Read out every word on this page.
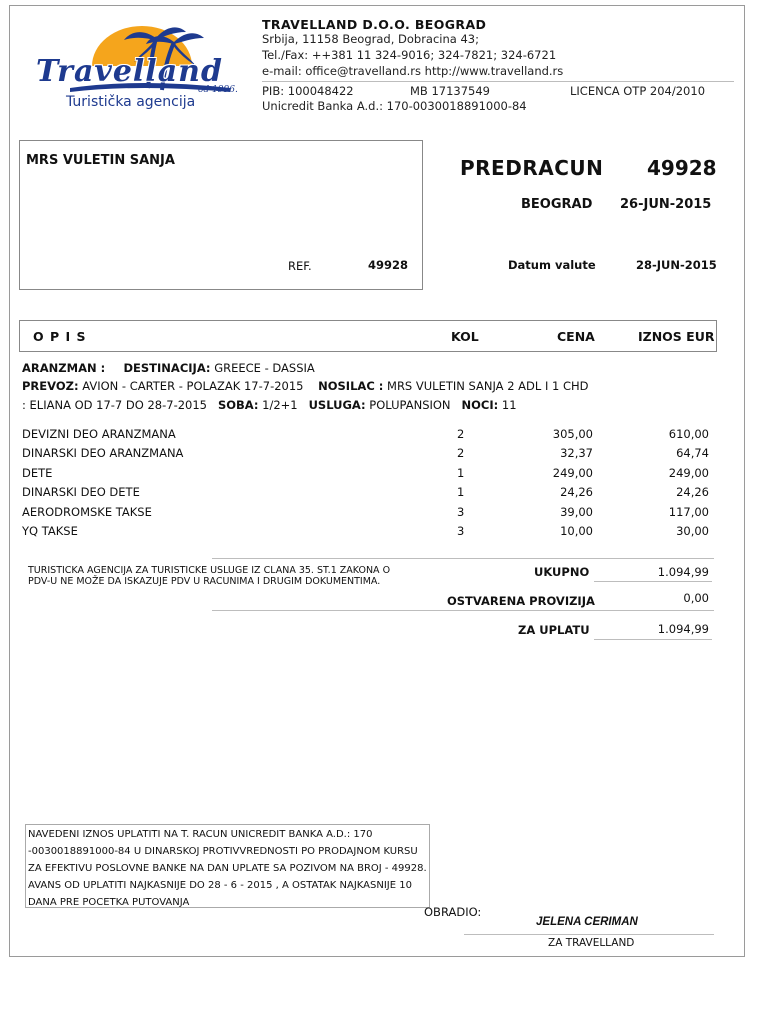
Travelland
od 1996.
Turistička agencija
TRAVELLAND D.O.O. BEOGRAD
Srbija, 11158 Beograd, Dobracina 43;
Tel./Fax: ++381 11 324-9016; 324-7821; 324-6721
e-mail: office@travelland.rs http://www.travelland.rs
PIB: 100048422	MB 17137549	LICENCA OTP 204/2010
Unicredit Banka A.d.: 170-0030018891000-84
MRS VULETIN SANJA
REF.	49928
PREDRACUN 49928
BEOGRAD 26-JUN-2015
Datum valute	28-JUN-2015
O P I S	KOL	CENA	IZNOS EUR
ARANZMAN : DESTINACIJA: GREECE - DASSIA
PREVOZ: AVION - CARTER - POLAZAK 17-7-2015 NOSILAC : MRS VULETIN SANJA 2 ADL I 1 CHD
: ELIANA OD 17-7 DO 28-7-2015 SOBA: 1/2+1 USLUGA: POLUPANSION NOCI: 11
DEVIZNI DEO ARANZMANA	2	305,00	610,00
DINARSKI DEO ARANZMANA	2	32,37	64,74
DETE	1	249,00	249,00
DINARSKI DEO DETE	1	24,26	24,26
AERODROMSKE TAKSE	3	39,00	117,00
YQ TAKSE	3	10,00	30,00
TURISTICKA AGENCIJA ZA TURISTICKE USLUGE IZ CLANA 35. ST.1 ZAKONA O
PDV-U NE MOŽE DA ISKAZUJE PDV U RACUNIMA I DRUGIM DOKUMENTIMA.
UKUPNO	1.094,99
OSTVARENA PROVIZIJA	0,00
ZA UPLATU	1.094,99
NAVEDENI IZNOS UPLATITI NA T. RACUN UNICREDIT BANKA A.D.: 170 -0030018891000-84 U DINARSKOJ PROTIVVREDNOSTI PO PRODAJNOM KURSU ZA EFEKTIVU POSLOVNE BANKE NA DAN UPLATE SA POZIVOM NA BROJ - 49928. AVANS OD UPLATITI NAJKASNIJE DO 28 - 6 - 2015 , A OSTATAK NAJKASNIJE 10 DANA PRE POCETKA PUTOVANJA
OBRADIO:
JELENA CERIMAN
ZA TRAVELLAND
